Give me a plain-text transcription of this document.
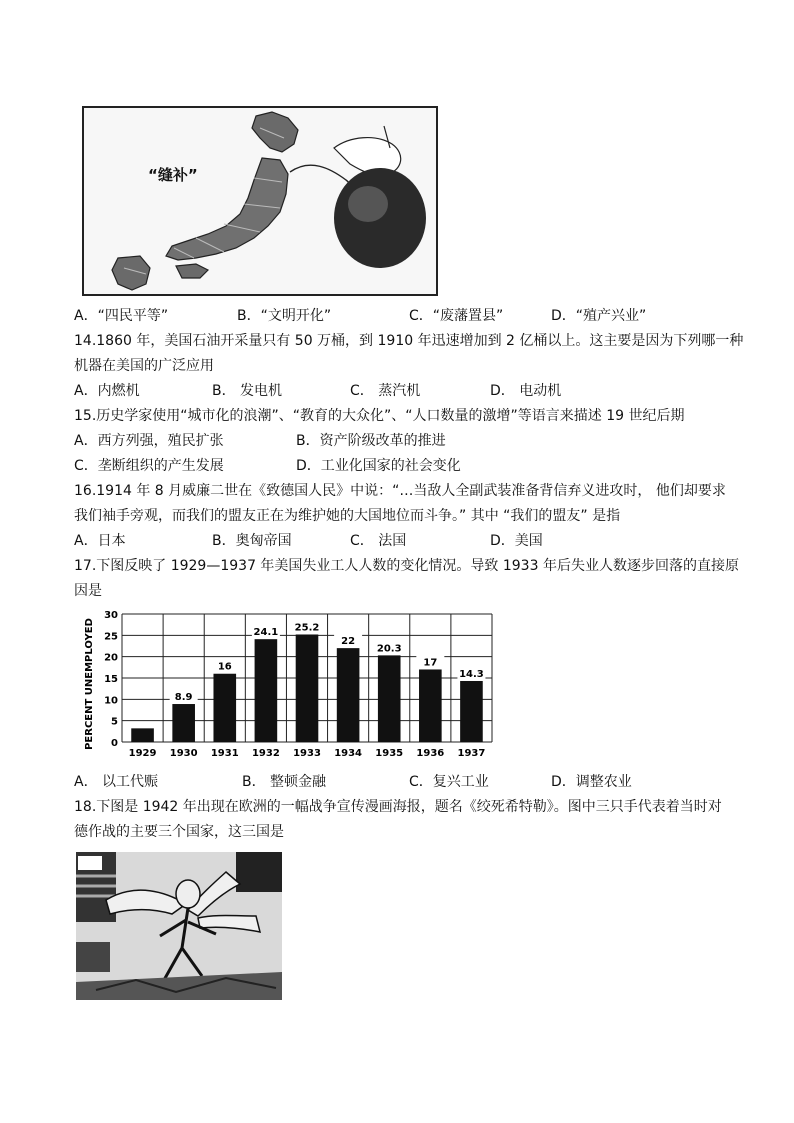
“缝补”
A．“四民平等”	B．“文明开化”	C．“废藩置县”	D．“殖产兴业”
14.1860 年，美国石油开采量只有 50 万桶，到 1910 年迅速增加到 2 亿桶以上。这主要是因为下列哪一种
机器在美国的广泛应用
A．内燃机	B． 发电机	C． 蒸汽机	D． 电动机
15.历史学家使用“城市化的浪潮”、“教育的大众化”、“人口数量的激增”等语言来描述 19 世纪后期
A．西方列强，殖民扩张	B．资产阶级改革的推进
C．垄断组织的产生发展	D．工业化国家的社会变化
16.1914 年 8 月威廉二世在《致德国人民》中说：“…当敌人全副武装准备背信弃义进攻时， 他们却要求
我们袖手旁观，而我们的盟友正在为维护她的大国地位而斗争。” 其中 “我们的盟友” 是指
A．日本	B．奥匈帝国	C． 法国	D．美国
17.下图反映了 1929—1937 年美国失业工人人数的变化情况。导致 1933 年后失业人数逐步回落的直接原
因是
0
5
10
15
20
25
30
1929
8.9
1930
16
1931
24.1
1932
25.2
1933
22
1934
20.3
1935
17
1936
14.3
1937
PERCENT UNEMPLOYED
A． 以工代赈	B． 整顿金融	C．复兴工业	D．调整农业
18.下图是 1942 年出现在欧洲的一幅战争宣传漫画海报，题名《绞死希特勒》。图中三只手代表着当时对
德作战的主要三个国家，这三国是
